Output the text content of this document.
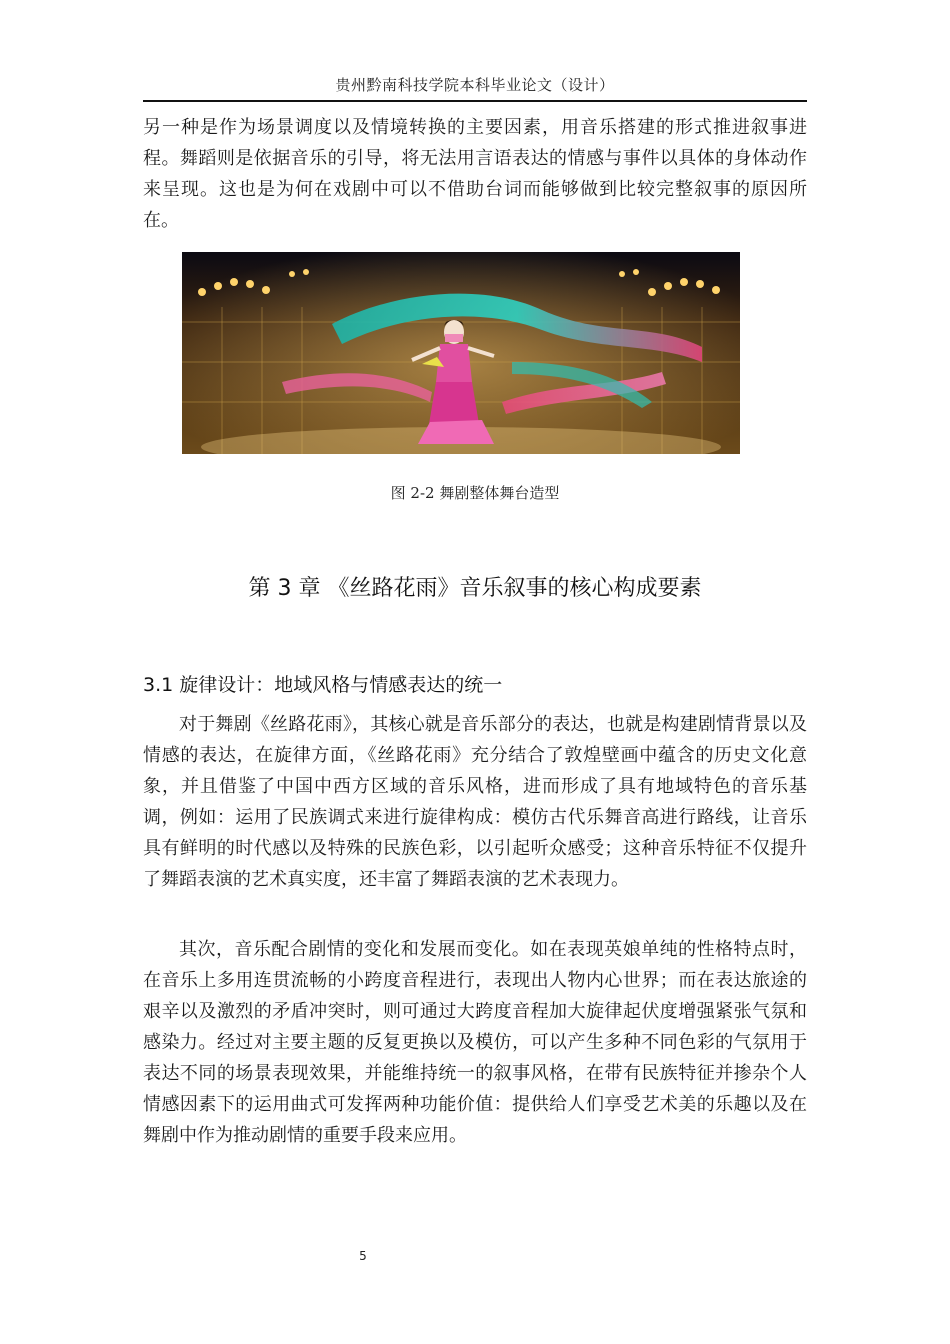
贵州黔南科技学院本科毕业论文（设计）

另一种是作为场景调度以及情境转换的主要因素，用音乐搭建的形式推进叙事进程。舞蹈则是依据音乐的引导，将无法用言语表达的情感与事件以具体的身体动作来呈现。这也是为何在戏剧中可以不借助台词而能够做到比较完整叙事的原因所在。

图 2-2 舞剧整体舞台造型
第 3 章 《丝路花雨》音乐叙事的核心构成要素
3.1 旋律设计：地域风格与情感表达的统一

对于舞剧《丝路花雨》，其核心就是音乐部分的表达，也就是构建剧情背景以及情感的表达，在旋律方面，《丝路花雨》充分结合了敦煌壁画中蕴含的历史文化意象，并且借鉴了中国中西方区域的音乐风格，进而形成了具有地域特色的音乐基调，例如：运用了民族调式来进行旋律构成：模仿古代乐舞音高进行路线，让音乐具有鲜明的时代感以及特殊的民族色彩，以引起听众感受；这种音乐特征不仅提升了舞蹈表演的艺术真实度，还丰富了舞蹈表演的艺术表现力。

其次，音乐配合剧情的变化和发展而变化。如在表现英娘单纯的性格特点时，在音乐上多用连贯流畅的小跨度音程进行，表现出人物内心世界；而在表达旅途的艰辛以及激烈的矛盾冲突时，则可通过大跨度音程加大旋律起伏度增强紧张气氛和感染力。经过对主要主题的反复更换以及模仿，可以产生多种不同色彩的气氛用于表达不同的场景表现效果，并能维持统一的叙事风格，在带有民族特征并掺杂个人情感因素下的运用曲式可发挥两种功能价值：提供给人们享受艺术美的乐趣以及在舞剧中作为推动剧情的重要手段来应用。

5
